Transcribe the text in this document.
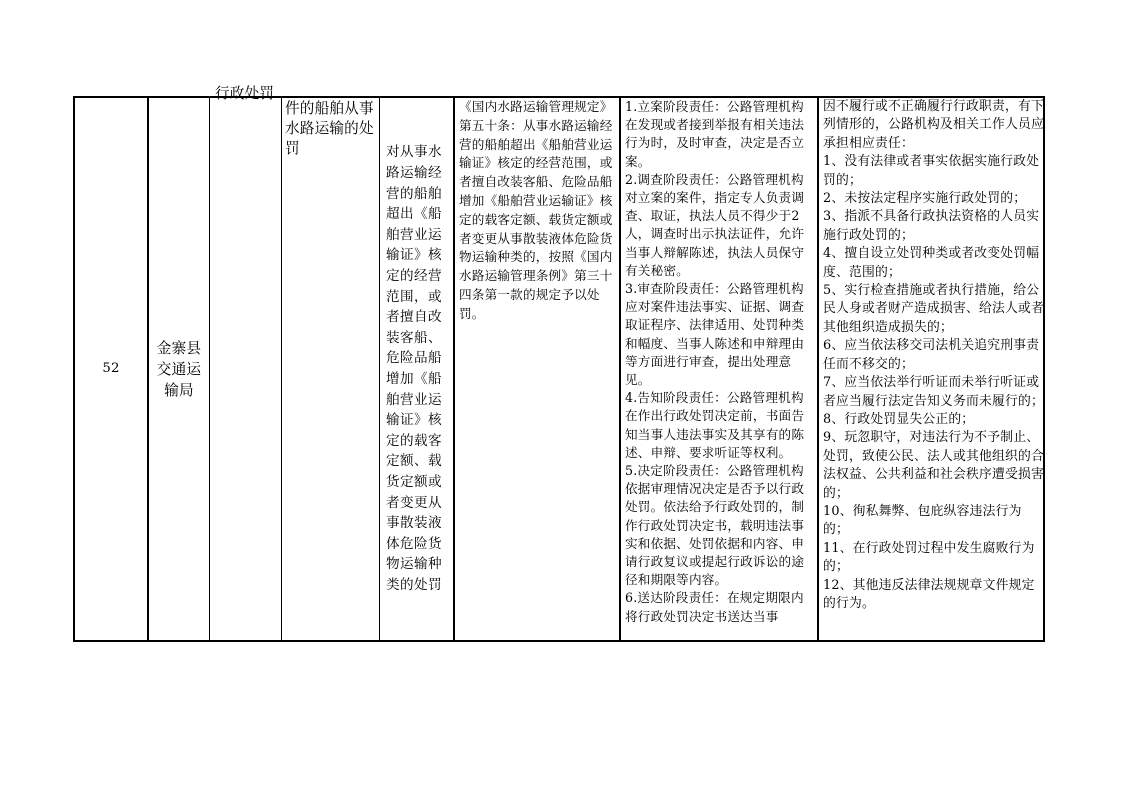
52
金寨县
交通运
输局
行政处罚
件的船舶从事水路运输的处罚	对从事水路运输经营的船舶超出《船舶营业运输证》核定的经营范围，或者擅自改装客船、危险品船增加《船舶营业运输证》核定的载客定额、载货定额或者变更从事散装液体危险货物运输种类的处罚
《国内水路运输管理规定》
第五十条：从事水路运输经营的船舶超出《船舶营业运输证》核定的经营范围，或者擅自改装客船、危险品船增加《船舶营业运输证》核定的载客定额、载货定额或者变更从事散装液体危险货物运输种类的，按照《国内水路运输管理条例》第三十四条第一款的规定予以处罚。
1.立案阶段责任：公路管理机构在发现或者接到举报有相关违法行为时，及时审查，决定是否立案。
2.调查阶段责任：公路管理机构对立案的案件，指定专人负责调查、取证，执法人员不得少于2人，调查时出示执法证件，允许当事人辩解陈述，执法人员保守有关秘密。
3.审查阶段责任：公路管理机构应对案件违法事实、证据、调查取证程序、法律适用、处罚种类和幅度、当事人陈述和申辩理由等方面进行审查，提出处理意见。
4.告知阶段责任：公路管理机构在作出行政处罚决定前，书面告知当事人违法事实及其享有的陈述、申辩、要求听证等权利。
5.决定阶段责任：公路管理机构依据审理情况决定是否予以行政处罚。依法给予行政处罚的，制作行政处罚决定书，载明违法事实和依据、处罚依据和内容、申请行政复议或提起行政诉讼的途径和期限等内容。
6.送达阶段责任：在规定期限内将行政处罚决定书送达当事
因不履行或不正确履行行政职责，有下列情形的，公路机构及相关工作人员应承担相应责任：
1、没有法律或者事实依据实施行政处罚的；
2、未按法定程序实施行政处罚的；
3、指派不具备行政执法资格的人员实施行政处罚的；
4、擅自设立处罚种类或者改变处罚幅度、范围的；
5、实行检查措施或者执行措施，给公民人身或者财产造成损害、给法人或者其他组织造成损失的；
6、应当依法移交司法机关追究刑事责任而不移交的；
7、应当依法举行听证而未举行听证或者应当履行法定告知义务而未履行的；
8、行政处罚显失公正的；
9、玩忽职守，对违法行为不予制止、处罚，致使公民、法人或其他组织的合法权益、公共利益和社会秩序遭受损害的；
10、徇私舞弊、包庇纵容违法行为的；
11、在行政处罚过程中发生腐败行为的；
12、其他违反法律法规规章文件规定的行为。
